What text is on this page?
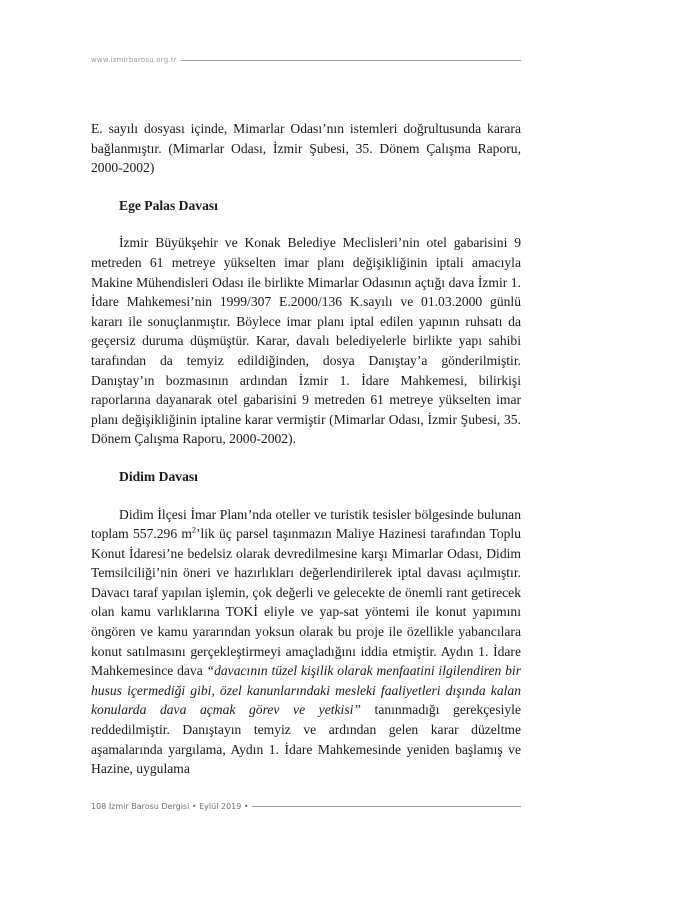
www.izmirbarosu.org.tr

E. sayılı dosyası içinde, Mimarlar Odası’nın istemleri doğrultusunda karara bağlanmıştır. (Mimarlar Odası, İzmir Şubesi, 35. Dönem Çalışma Raporu, 2000-2002)

Ege Palas Davası

İzmir Büyükşehir ve Konak Belediye Meclisleri’nin otel gabarisini 9 metreden 61 metreye yükselten imar planı değişikliğinin iptali amacıyla Makine Mühendisleri Odası ile birlikte Mimarlar Odasının açtığı dava İzmir 1. İdare Mahkemesi’nin 1999/307 E.2000/136 K.sayılı ve 01.03.2000 günlü kararı ile sonuçlanmıştır. Böylece imar planı iptal edilen yapının ruhsatı da geçersiz duruma düşmüştür. Karar, davalı belediyelerle birlikte yapı sahibi tarafından da temyiz edildiğinden, dosya Danıştay’a gönderilmiştir. Danıştay’ın bozmasının ardından İzmir 1. İdare Mahkemesi, bilirkişi raporlarına dayanarak otel gabarisini 9 metreden 61 metreye yükselten imar planı değişikliğinin iptaline karar vermiştir (Mimarlar Odası, İzmir Şubesi, 35. Dönem Çalışma Raporu, 2000-2002).

Didim Davası

Didim İlçesi İmar Planı’nda oteller ve turistik tesisler bölgesinde bulunan toplam 557.296 $m^2’lik$ üç parsel taşınmazın Maliye Hazinesi tarafından Toplu Konut İdaresi’ne bedelsiz olarak devredilmesine karşı Mimarlar Odası, Didim Temsilciliği’nin öneri ve hazırlıkları değerlendirilerek iptal davası açılmıştır. Davacı taraf yapılan işlemin, çok değerli ve gelecekte de önemli rant getirecek olan kamu varlıklarına TOKİ eliyle ve yap-sat yöntemi ile konut yapımını öngören ve kamu yararından yoksun olarak bu proje ile özellikle yabancılara konut satılmasını gerçekleştirmeyi amaçladığını iddia etmiştir. Aydın 1. İdare Mahkemesince dava “davacının tüzel kişilik olarak menfaatini ilgilendiren bir husus içermediği gibi, özel kanunlarındaki mesleki faaliyetleri dışında kalan konularda dava açmak görev ve yetkisi” tanınmadığı gerekçesiyle reddedilmiştir. Danıştayın temyiz ve ardından gelen karar düzeltme aşamalarında yargılama, Aydın 1. İdare Mahkemesinde yeniden başlamış ve Hazine, uygulama

108 İzmir Barosu Dergisi • Eylül 2019 •
